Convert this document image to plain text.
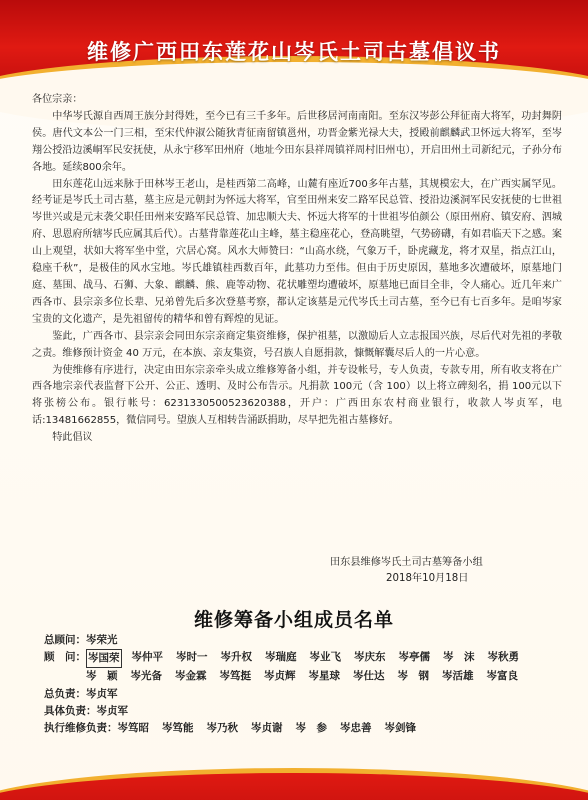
维修广西田东莲花山岑氏土司古墓倡议书

各位宗亲：

中华岑氏源自西周王族分封得姓，至今已有三千多年。后世移居河南南阳。至东汉岑彭公拜征南大将军，功封舞阴侯。唐代文本公一门三相，至宋代仲淑公随狄青征南留镇邕州，功晋金紫光禄大夫，授殿前麒麟武卫怀远大将军，至岑翔公授沿边溪峒军民安抚使，从永宁移军田州府（地址今田东县祥周镇祥周村旧州屯），开启田州土司新纪元，子孙分布各地。延续800余年。

田东莲花山远来脉于田林岑王老山，是桂西第二高峰，山麓有座近700多年古墓，其规模宏大，在广西实属罕见。经考证是岑氏土司古墓，墓主应是元朝封为怀远大将军，官至田州来安二路军民总管、授沿边溪洞军民安抚使的七世祖岑世兴或是元末袭父职任田州来安路军民总管、加忠顺大夫、怀远大将军的十世祖岑伯颜公（原田州府、镇安府、泗城府、思恩府所辖岑氏应属其后代）。古墓背靠莲花山主峰，墓主稳座花心，登高眺望，气势磅礴，有如君临天下之感。案山上观望，状如大将军坐中堂，穴居心窝。风水大师赞曰：“山高水绕，气象万千，卧虎藏龙，将才双星，指点江山，稳座千秋”，是极佳的风水宝地。岑氏雄镇桂西数百年，此墓功力至伟。但由于历史原因，墓地多次遭破坏，原墓地门庭、墓围、战马、石狮、大象、麒麟、熊、鹿等动物、花状雕塑均遭破坏，原墓地已面目全非，令人痛心。近几年来广西各市、县宗亲多位长辈、兄弟曾先后多次登墓考察，都认定该墓是元代岑氏土司古墓，至今已有七百多年。是咱岑家宝贵的文化遗产，是先祖留传的精华和曾有辉煌的见证。

鉴此，广西各市、县宗亲会同田东宗亲商定集资维修，保护祖墓，以激励后人立志报国兴族，尽后代对先祖的孝敬之责。维修预计资金 40 万元，在本族、亲友集资，号召族人自愿捐款，慷慨解囊尽后人的一片心意。

为使维修有序进行，决定由田东宗亲牵头成立维修筹备小组，并专设帐号，专人负责，专款专用，所有收支将在广西各地宗亲代表监督下公开、公正、透明、及时公布告示。凡捐款 100元（含 100）以上将立碑刻名，捐 100元以下将张榜公布。银行帐号：6231330500523620388，开户：广西田东农村商业银行，收款人岑贞军，电话:13481662855，微信同号。望族人互相转告涌跃捐助，尽早把先祖古墓修好。

特此倡议

田东县维修岑氏土司古墓筹备小组
2018年10月18日
维修筹备小组成员名单
总顾问： 岑荣光
顾　问： 岑国荣 岑仲平 岑时一 岑升权 岑瑞庭 岑业飞 岑庆东 岑亭儒 岑　沫 岑秋勇
岑　颖 岑光备 岑金霖 岑笃挺 岑贞辉 岑星球 岑仕达 岑　钢 岑活雄 岑富良
总负责： 岑贞军
具体负责： 岑贞军
执行维修负责： 岑笃昭 岑笃能 岑乃秋 岑贞谢 岑　参 岑忠善 岑剑锋
